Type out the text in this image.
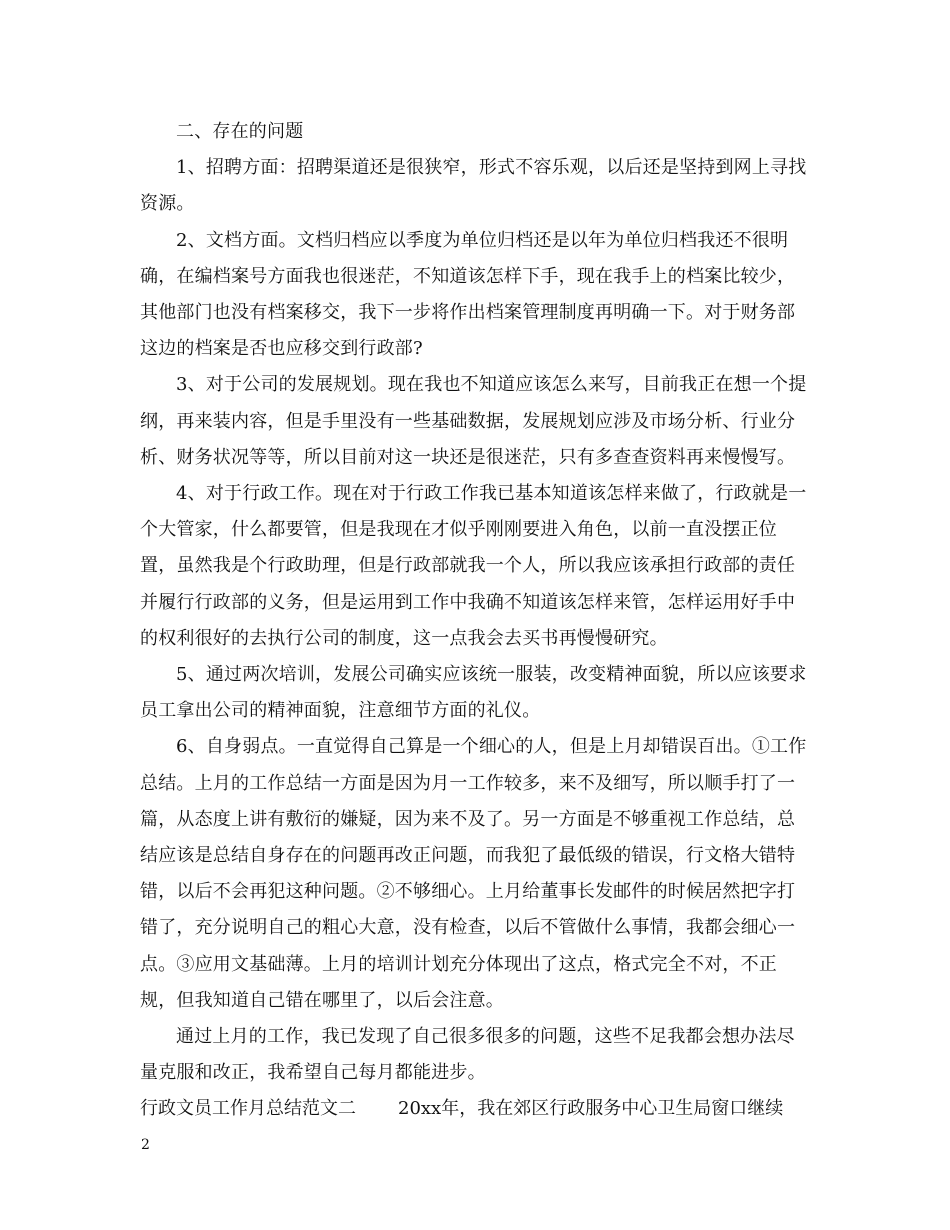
二、存在的问题

1、招聘方面：招聘渠道还是很狭窄，形式不容乐观，以后还是坚持到网上寻找资源。

2、文档方面。文档归档应以季度为单位归档还是以年为单位归档我还不很明确，在编档案号方面我也很迷茫，不知道该怎样下手，现在我手上的档案比较少，其他部门也没有档案移交，我下一步将作出档案管理制度再明确一下。对于财务部这边的档案是否也应移交到行政部?

3、对于公司的发展规划。现在我也不知道应该怎么来写，目前我正在想一个提纲，再来装内容，但是手里没有一些基础数据，发展规划应涉及市场分析、行业分析、财务状况等等，所以目前对这一块还是很迷茫，只有多查查资料再来慢慢写。

4、对于行政工作。现在对于行政工作我已基本知道该怎样来做了，行政就是一个大管家，什么都要管，但是我现在才似乎刚刚要进入角色，以前一直没摆正位置，虽然我是个行政助理，但是行政部就我一个人，所以我应该承担行政部的责任并履行行政部的义务，但是运用到工作中我确不知道该怎样来管，怎样运用好手中的权利很好的去执行公司的制度，这一点我会去买书再慢慢研究。

5、通过两次培训，发展公司确实应该统一服装，改变精神面貌，所以应该要求员工拿出公司的精神面貌，注意细节方面的礼仪。

6、自身弱点。一直觉得自己算是一个细心的人，但是上月却错误百出。①工作总结。上月的工作总结一方面是因为月一工作较多，来不及细写，所以顺手打了一篇，从态度上讲有敷衍的嫌疑，因为来不及了。另一方面是不够重视工作总结，总结应该是总结自身存在的问题再改正问题，而我犯了最低级的错误，行文格大错特错，以后不会再犯这种问题。②不够细心。上月给董事长发邮件的时候居然把字打错了，充分说明自己的粗心大意，没有检查，以后不管做什么事情，我都会细心一点。③应用文基础薄。上月的培训计划充分体现出了这点，格式完全不对，不正规，但我知道自己错在哪里了，以后会注意。

通过上月的工作，我已发现了自己很多很多的问题，这些不足我都会想办法尽量克服和改正，我希望自己每月都能进步。

行政文员工作月总结范文二 20xx年，我在郊区行政服务中心卫生局窗口继续

2
